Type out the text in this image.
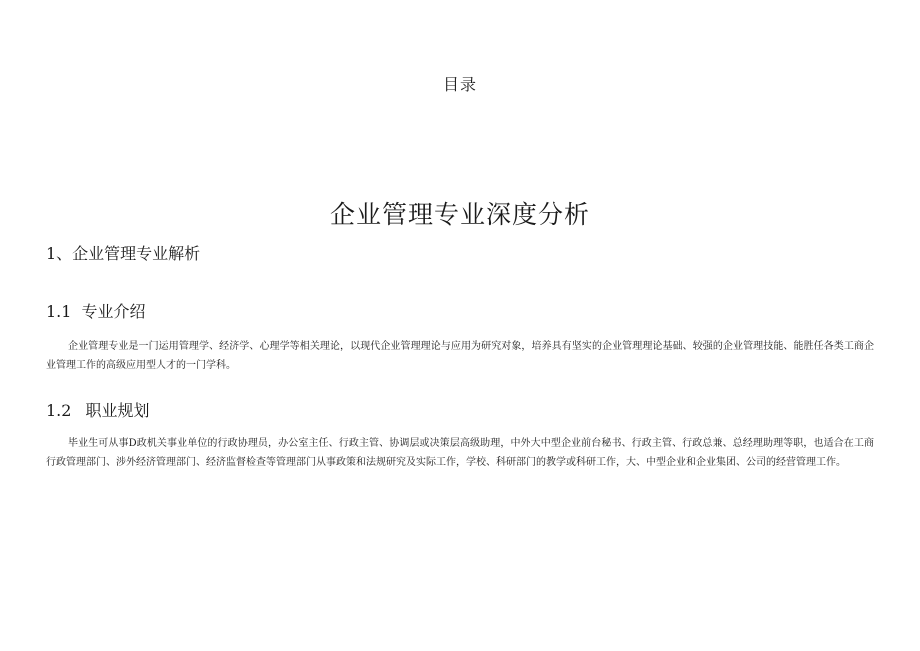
目录
企业管理专业深度分析
1、企业管理专业解析
1.1 专业介绍

企业管理专业是一门运用管理学、经济学、心理学等相关理论，以现代企业管理理论与应用为研究对象，培养具有坚实的企业管理理论基础、较强的企业管理技能、能胜任各类工商企业管理工作的高级应用型人才的一门学科。

1.2 职业规划

毕业生可从事D政机关事业单位的行政协理员，办公室主任、行政主管、协调层或决策层高级助理，中外大中型企业前台秘书、行政主管、行政总兼、总经理助理等职，也适合在工商行政管理部门、涉外经济管理部门、经济监督检查等管理部门从事政策和法规研究及实际工作，学校、科研部门的教学或科研工作，大、中型企业和企业集团、公司的经营管理工作。
